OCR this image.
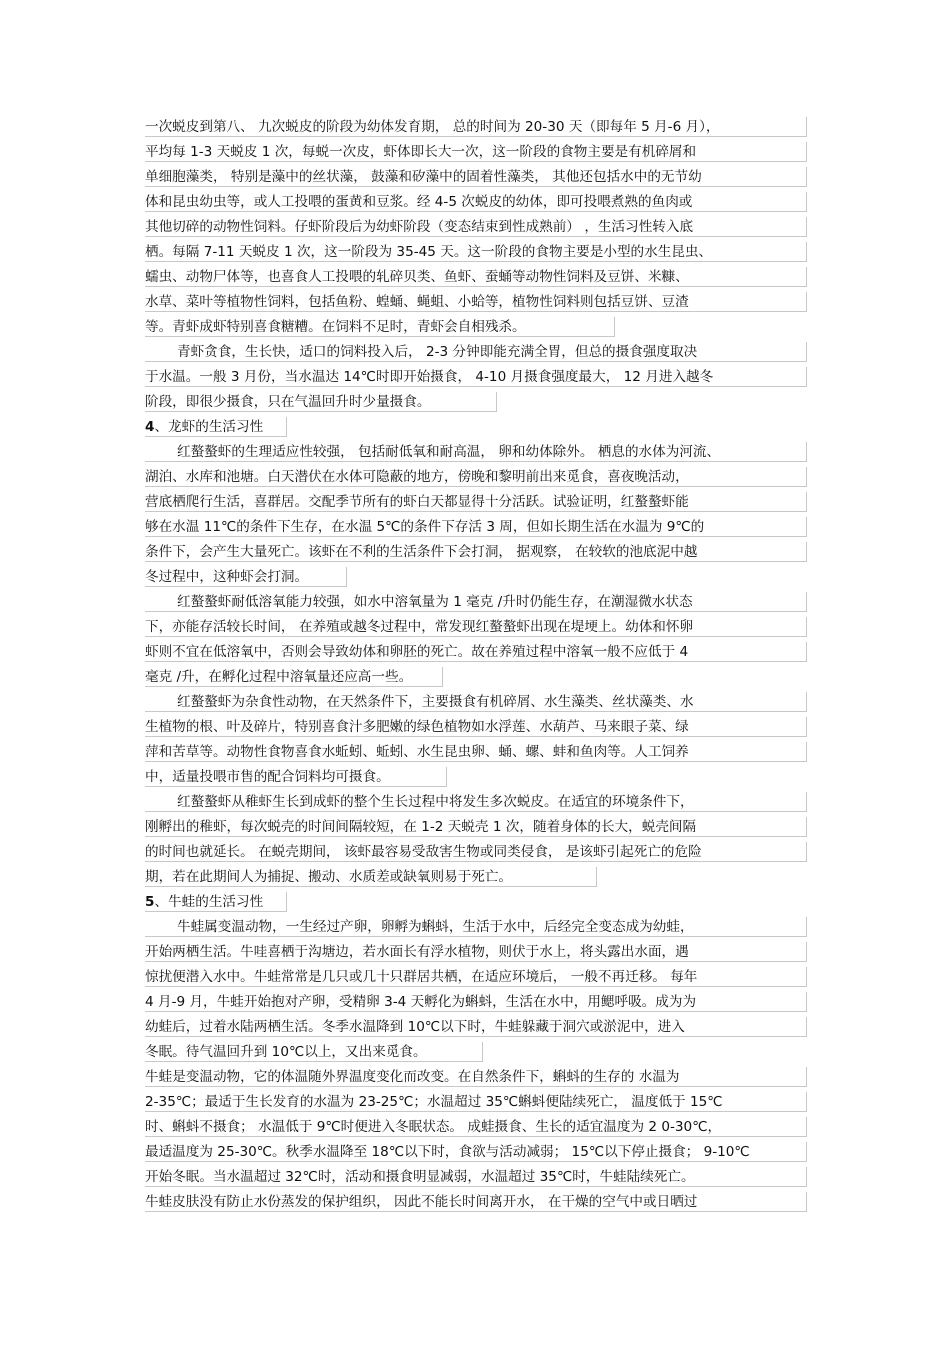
一次蜕皮到第八、 九次蜕皮的阶段为幼体发育期， 总的时间为 20-30 天（即每年 5 月-6 月），
平均每 1-3 天蜕皮 1 次，每蜕一次皮，虾体即长大一次，这一阶段的食物主要是有机碎屑和
单细胞藻类， 特别是藻中的丝状藻， 鼓藻和矽藻中的固着性藻类， 其他还包括水中的无节幼
体和昆虫幼虫等，或人工投喂的蛋黄和豆浆。经 4-5 次蜕皮的幼体，即可投喂煮熟的鱼肉或
其他切碎的动物性饲料。仔虾阶段后为幼虾阶段（变态结束到性成熟前） ，生活习性转入底
栖。每隔 7-11 天蜕皮 1 次，这一阶段为 35-45 天。这一阶段的食物主要是小型的水生昆虫、
蠕虫、动物尸体等，也喜食人工投喂的轧碎贝类、鱼虾、蚕蛹等动物性饲料及豆饼、米糠、
水草、菜叶等植物性饲料，包括鱼粉、蝗蛹、蝇蛆、小蛤等，植物性饲料则包括豆饼、豆渣
等。青虾成虾特别喜食糖糟。在饲料不足时，青虾会自相残杀。
青虾贪食，生长快，适口的饲料投入后， 2-3 分钟即能充满全胃，但总的摄食强度取决
于水温。一般 3 月份，当水温达 14℃时即开始摄食， 4-10 月摄食强度最大， 12 月进入越冬
阶段，即很少摄食，只在气温回升时少量摄食。
4、龙虾的生活习性
红螯螯虾的生理适应性较强， 包括耐低氧和耐高温， 卵和幼体除外。 栖息的水体为河流、
湖泊、水库和池塘。白天潜伏在水体可隐蔽的地方，傍晚和黎明前出来觅食，喜夜晚活动，
营底栖爬行生活，喜群居。交配季节所有的虾白天都显得十分活跃。试验证明，红螯螯虾能
够在水温 11℃的条件下生存，在水温 5℃的条件下存活 3 周，但如长期生活在水温为 9℃的
条件下，会产生大量死亡。该虾在不利的生活条件下会打洞， 据观察， 在较软的池底泥中越
冬过程中，这种虾会打洞。
红螯螯虾耐低溶氧能力较强，如水中溶氧量为 1 毫克 /升时仍能生存，在潮湿微水状态
下，亦能存活较长时间， 在养殖或越冬过程中，常发现红螯螯虾出现在堤埂上。幼体和怀卵
虾则不宜在低溶氧中，否则会导致幼体和卵胚的死亡。故在养殖过程中溶氧一般不应低于 4
毫克 /升，在孵化过程中溶氧量还应高一些。
红螯螯虾为杂食性动物，在天然条件下，主要摄食有机碎屑、水生藻类、丝状藻类、水
生植物的根、叶及碎片，特别喜食汁多肥嫩的绿色植物如水浮莲、水葫芦、马来眼子菜、绿
萍和苦草等。动物性食物喜食水蚯蚓、蚯蚓、水生昆虫卵、蛹、螺、蚌和鱼肉等。人工饲养
中，适量投喂市售的配合饲料均可摄食。
红螯螯虾从稚虾生长到成虾的整个生长过程中将发生多次蜕皮。在适宜的环境条件下，
刚孵出的稚虾，每次蜕壳的时间间隔较短，在 1-2 天蜕壳 1 次，随着身体的长大，蜕壳间隔
的时间也就延长。 在蜕壳期间， 该虾最容易受敌害生物或同类侵食， 是该虾引起死亡的危险
期，若在此期间人为捕捉、搬动、水质差或缺氧则易于死亡。
5、牛蛙的生活习性
牛蛙属变温动物，一生经过产卵，卵孵为蝌蚪，生活于水中，后经完全变态成为幼蛙，
开始两栖生活。牛哇喜栖于沟塘边，若水面长有浮水植物，则伏于水上，将头露出水面，遇
惊扰便潜入水中。牛蛙常常是几只或几十只群居共栖，在适应环境后， 一般不再迁移。 每年
4 月-9 月，牛蛙开始抱对产卵，受精卵 3-4 天孵化为蝌蚪，生活在水中，用鳃呼吸。成为为
幼蛙后，过着水陆两栖生活。冬季水温降到 10℃以下时，牛蛙躲藏于洞穴或淤泥中，进入
冬眠。待气温回升到 10℃以上，又出来觅食。
牛蛙是变温动物，它的体温随外界温度变化而改变。在自然条件下，蝌蚪的生存的 水温为
2-35℃；最适于生长发育的水温为 23-25℃；水温超过 35℃蝌蚪便陆续死亡， 温度低于 15℃
时、蝌蚪不摄食； 水温低于 9℃时便进入冬眠状态。 成蛙摄食、生长的适宜温度为 2 0-30℃，
最适温度为 25-30℃。秋季水温降至 18℃以下时，食欲与活动减弱； 15℃以下停止摄食； 9-10℃
开始冬眠。当水温超过 32℃时，活动和摄食明显减弱，水温超过 35℃时，牛蛙陆续死亡。
牛蛙皮肤没有防止水份蒸发的保护组织， 因此不能长时间离开水， 在干燥的空气中或日晒过
